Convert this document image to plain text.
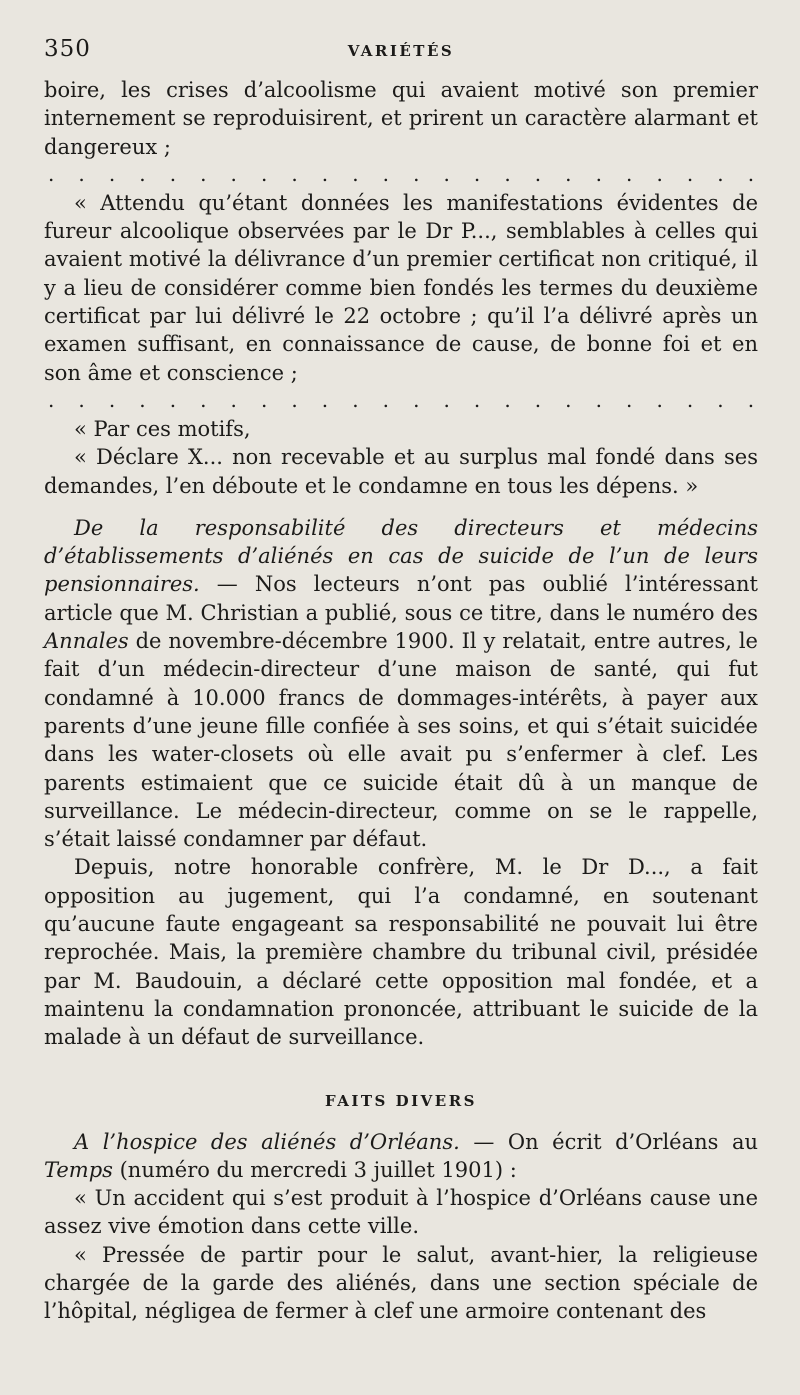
350	VARIÉTÉS

boire, les crises d’alcoolisme qui avaient motivé son premier internement se reproduisirent, et prirent un caractère alarmant et dangereux ;

. . . . . . . . . . . . . . . . . . . . . . . .

« Attendu qu’étant données les manifestations évidentes de fureur alcoolique observées par le Dr P..., semblables à celles qui avaient motivé la délivrance d’un premier certificat non critiqué, il y a lieu de considérer comme bien fondés les termes du deuxième certificat par lui délivré le 22 octobre ; qu’il l’a délivré après un examen suffisant, en connaissance de cause, de bonne foi et en son âme et conscience ;

. . . . . . . . . . . . . . . . . . . . . . . .

« Par ces motifs,

« Déclare X... non recevable et au surplus mal fondé dans ses demandes, l’en déboute et le condamne en tous les dépens. »

De la responsabilité des directeurs et médecins d’établissements d’aliénés en cas de suicide de l’un de leurs pensionnaires. — Nos lecteurs n’ont pas oublié l’intéressant article que M. Christian a publié, sous ce titre, dans le numéro des Annales de novembre-décembre 1900. Il y relatait, entre autres, le fait d’un médecin-directeur d’une maison de santé, qui fut condamné à 10.000 francs de dommages-intérêts, à payer aux parents d’une jeune fille confiée à ses soins, et qui s’était suicidée dans les water-closets où elle avait pu s’enfermer à clef. Les parents estimaient que ce suicide était dû à un manque de surveillance. Le médecin-directeur, comme on se le rappelle, s’était laissé condamner par défaut.

Depuis, notre honorable confrère, M. le Dr D..., a fait opposition au jugement, qui l’a condamné, en soutenant qu’aucune faute engageant sa responsabilité ne pouvait lui être reprochée. Mais, la première chambre du tribunal civil, présidée par M. Baudouin, a déclaré cette opposition mal fondée, et a maintenu la condamnation prononcée, attribuant le suicide de la malade à un défaut de surveillance.

FAITS DIVERS

A l’hospice des aliénés d’Orléans. — On écrit d’Orléans au Temps (numéro du mercredi 3 juillet 1901) :

« Un accident qui s’est produit à l’hospice d’Orléans cause une assez vive émotion dans cette ville.

« Pressée de partir pour le salut, avant-hier, la religieuse chargée de la garde des aliénés, dans une section spéciale de l’hôpital, négligea de fermer à clef une armoire contenant des
